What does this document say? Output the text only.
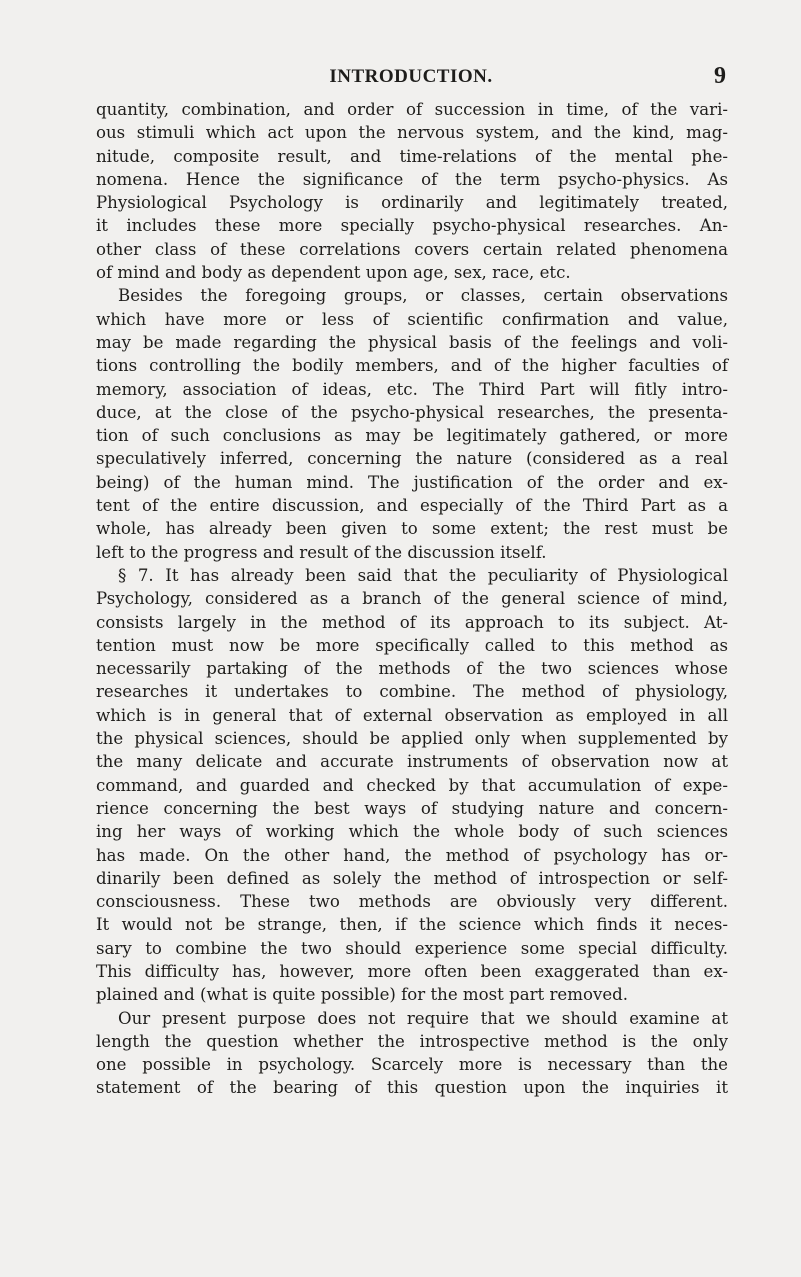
INTRODUCTION.	9
quantity, combination, and order of succession in time, of the vari-
ous stimuli which act upon the nervous system, and the kind, mag-
nitude, composite result, and time-relations of the mental phe-
nomena. Hence the significance of the term psycho-physics. As
Physiological Psychology is ordinarily and legitimately treated,
it includes these more specially psycho-physical researches. An-
other class of these correlations covers certain related phenomena
of mind and body as dependent upon age, sex, race, etc.
Besides the foregoing groups, or classes, certain observations
which have more or less of scientific confirmation and value,
may be made regarding the physical basis of the feelings and voli-
tions controlling the bodily members, and of the higher faculties of
memory, association of ideas, etc. The Third Part will fitly intro-
duce, at the close of the psycho-physical researches, the presenta-
tion of such conclusions as may be legitimately gathered, or more
speculatively inferred, concerning the nature (considered as a real
being) of the human mind. The justification of the order and ex-
tent of the entire discussion, and especially of the Third Part as a
whole, has already been given to some extent; the rest must be
left to the progress and result of the discussion itself.
§ 7. It has already been said that the peculiarity of Physiological
Psychology, considered as a branch of the general science of mind,
consists largely in the method of its approach to its subject. At-
tention must now be more specifically called to this method as
necessarily partaking of the methods of the two sciences whose
researches it undertakes to combine. The method of physiology,
which is in general that of external observation as employed in all
the physical sciences, should be applied only when supplemented by
the many delicate and accurate instruments of observation now at
command, and guarded and checked by that accumulation of expe-
rience concerning the best ways of studying nature and concern-
ing her ways of working which the whole body of such sciences
has made. On the other hand, the method of psychology has or-
dinarily been defined as solely the method of introspection or self-
consciousness. These two methods are obviously very different.
It would not be strange, then, if the science which finds it neces-
sary to combine the two should experience some special difficulty.
This difficulty has, however, more often been exaggerated than ex-
plained and (what is quite possible) for the most part removed.
Our present purpose does not require that we should examine at
length the question whether the introspective method is the only
one possible in psychology. Scarcely more is necessary than the
statement of the bearing of this question upon the inquiries it
